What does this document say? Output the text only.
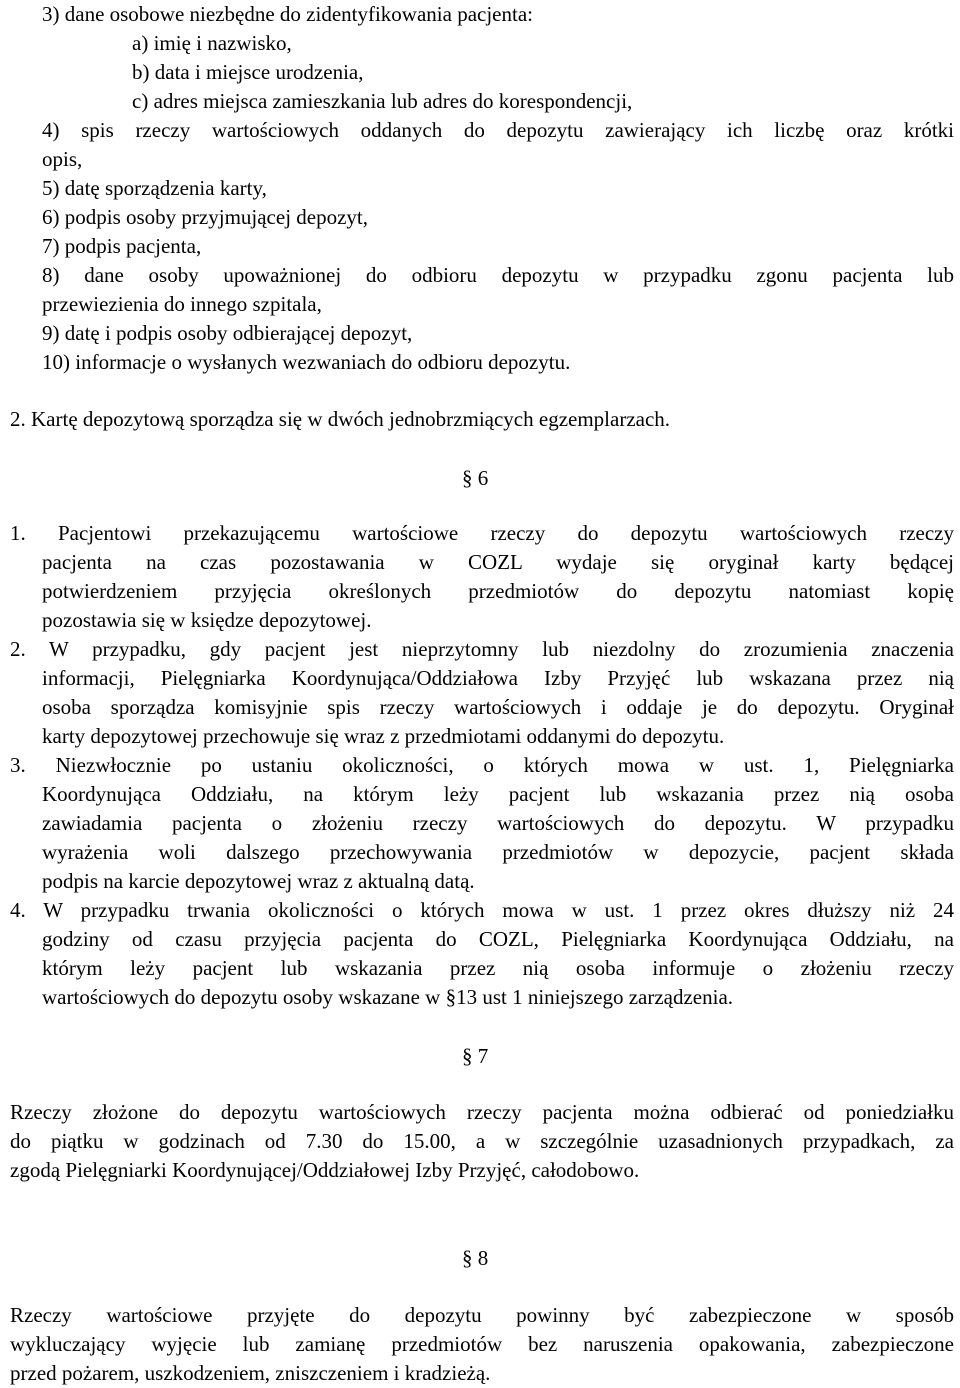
3) dane osobowe niezbędne do zidentyfikowania pacjenta:
a) imię i nazwisko,
b) data i miejsce urodzenia,
c) adres miejsca zamieszkania lub adres do korespondencji,
4) spis rzeczy wartościowych oddanych do depozytu zawierający ich liczbę oraz krótki
opis,
5) datę sporządzenia karty,
6) podpis osoby przyjmującej depozyt,
7) podpis pacjenta,
8) dane osoby upoważnionej do odbioru depozytu w przypadku zgonu pacjenta lub
przewiezienia do innego szpitala,
9) datę i podpis osoby odbierającej depozyt,
10) informacje o wysłanych wezwaniach do odbioru depozytu.
2. Kartę depozytową sporządza się w dwóch jednobrzmiących egzemplarzach.
§ 6
1. Pacjentowi przekazującemu wartościowe rzeczy do depozytu wartościowych rzeczy
pacjenta na czas pozostawania w COZL wydaje się oryginał karty będącej
potwierdzeniem przyjęcia określonych przedmiotów do depozytu natomiast kopię
pozostawia się w księdze depozytowej.
2. W przypadku, gdy pacjent jest nieprzytomny lub niezdolny do zrozumienia znaczenia
informacji, Pielęgniarka Koordynująca/Oddziałowa Izby Przyjęć lub wskazana przez nią
osoba sporządza komisyjnie spis rzeczy wartościowych i oddaje je do depozytu. Oryginał
karty depozytowej przechowuje się wraz z przedmiotami oddanymi do depozytu.
3. Niezwłocznie po ustaniu okoliczności, o których mowa w ust. 1, Pielęgniarka
Koordynująca Oddziału, na którym leży pacjent lub wskazania przez nią osoba
zawiadamia pacjenta o złożeniu rzeczy wartościowych do depozytu. W przypadku
wyrażenia woli dalszego przechowywania przedmiotów w depozycie, pacjent składa
podpis na karcie depozytowej wraz z aktualną datą.
4. W przypadku trwania okoliczności o których mowa w ust. 1 przez okres dłuższy niż 24
godziny od czasu przyjęcia pacjenta do COZL, Pielęgniarka Koordynująca Oddziału, na
którym leży pacjent lub wskazania przez nią osoba informuje o złożeniu rzeczy
wartościowych do depozytu osoby wskazane w §13 ust 1 niniejszego zarządzenia.
§ 7
Rzeczy złożone do depozytu wartościowych rzeczy pacjenta można odbierać od poniedziałku
do piątku w godzinach od 7.30 do 15.00, a w szczególnie uzasadnionych przypadkach, za
zgodą Pielęgniarki Koordynującej/Oddziałowej Izby Przyjęć, całodobowo.
§ 8
Rzeczy wartościowe przyjęte do depozytu powinny być zabezpieczone w sposób
wykluczający wyjęcie lub zamianę przedmiotów bez naruszenia opakowania, zabezpieczone
przed pożarem, uszkodzeniem, zniszczeniem i kradzieżą.
